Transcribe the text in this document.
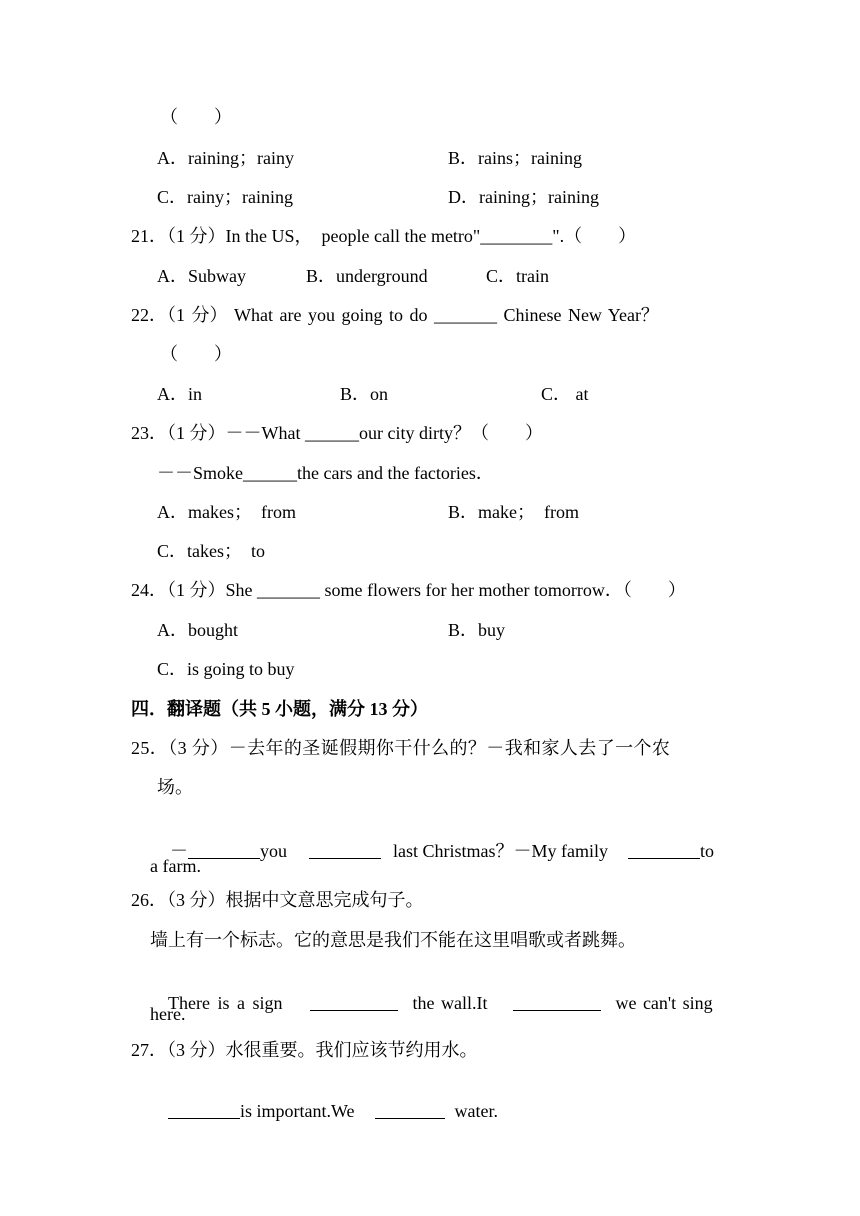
（　　）
A．raining；rainy	B．rains；raining
C．rainy；raining	D．raining；raining
21．（1 分）In the US，  people call the metro"________".（　　）
A．Subway	B．underground	C．train
22．（1 分） What are you going to do _______ Chinese New Year？
（　　）
A．in	B．on	C． at
23．（1 分）－－What ______our city dirty？（　　）
－－Smoke______the cars and the factories．
A．makes；  from	B．make；  from
C．takes；  to
24．（1 分）She _______ some flowers for her mother tomorrow．（　　）
A．bought	B．buy
C．is going to buy
四．翻译题（共 5 小题，满分 13 分）
25．（3 分）－去年的圣诞假期你干什么的？－我和家人去了一个农
场。

－	you	last Christmas？－My family	to

a farm.
26．（3 分）根据中文意思完成句子。
墙上有一个标志。它的意思是我们不能在这里唱歌或者跳舞。

There is a sign	the wall.It	we can't sing

here.
27．（3 分）水很重要。我们应该节约用水。

is important.We	water.
